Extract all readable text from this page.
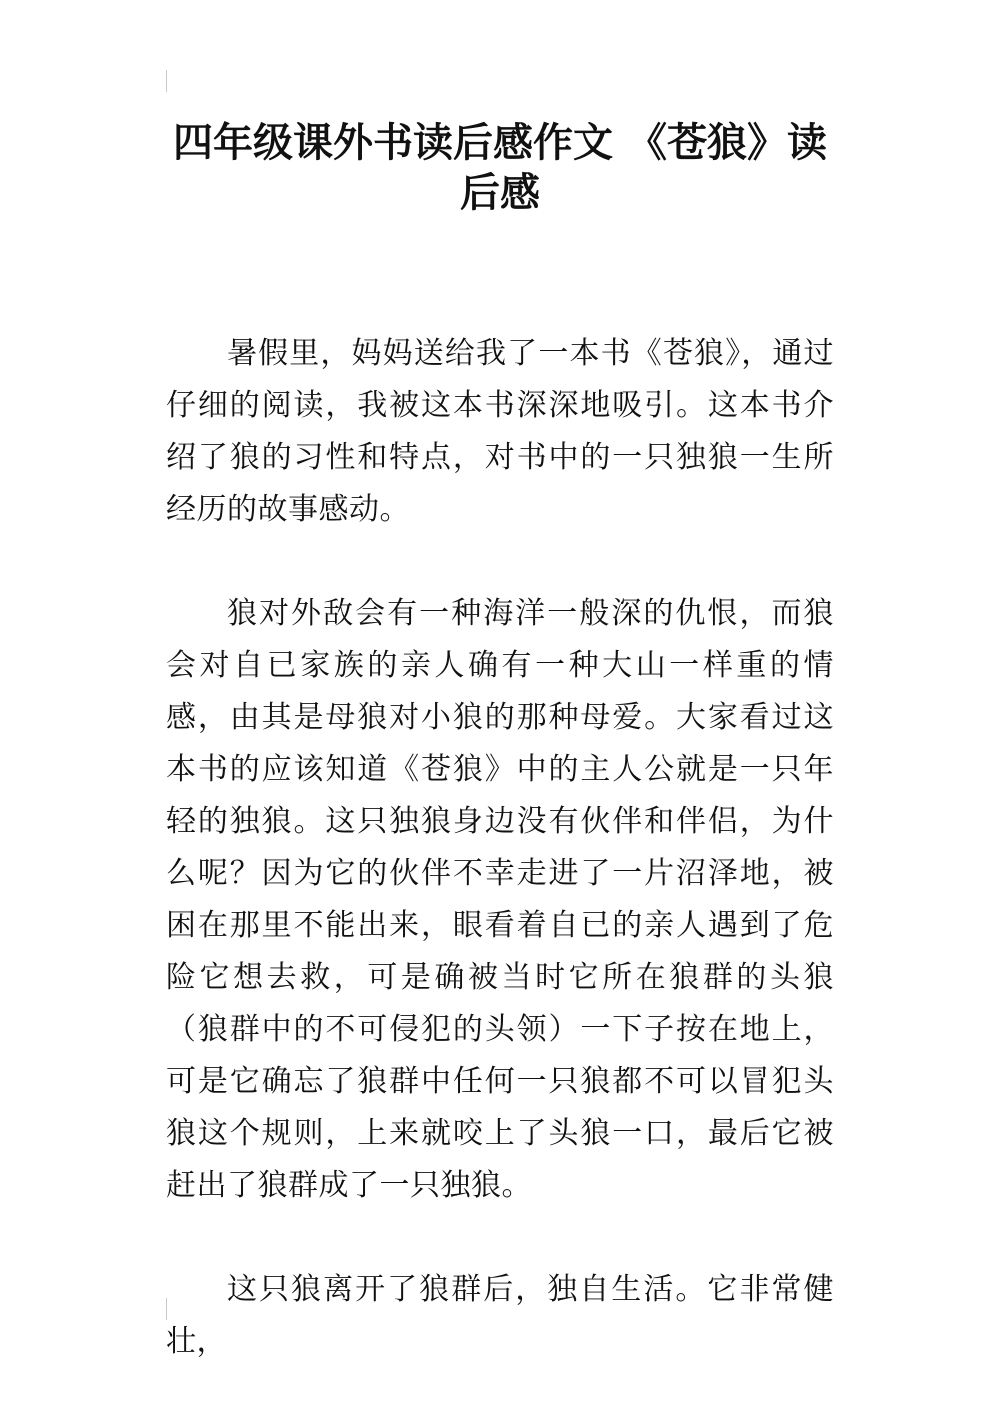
四年级课外书读后感作文 《苍狼》读
后感

暑假里，妈妈送给我了一本书《苍狼》，通过仔细的阅读，我被这本书深深地吸引。这本书介绍了狼的习性和特点，对书中的一只独狼一生所经历的故事感动。

狼对外敌会有一种海洋一般深的仇恨，而狼会对自已家族的亲人确有一种大山一样重的情感，由其是母狼对小狼的那种母爱。大家看过这本书的应该知道《苍狼》中的主人公就是一只年轻的独狼。这只独狼身边没有伙伴和伴侣，为什么呢？因为它的伙伴不幸走进了一片沼泽地，被困在那里不能出来，眼看着自已的亲人遇到了危险它想去救，可是确被当时它所在狼群的头狼（狼群中的不可侵犯的头领）一下子按在地上，可是它确忘了狼群中任何一只狼都不可以冒犯头狼这个规则，上来就咬上了头狼一口，最后它被赶出了狼群成了一只独狼。

这只狼离开了狼群后，独自生活。它非常健壮，
